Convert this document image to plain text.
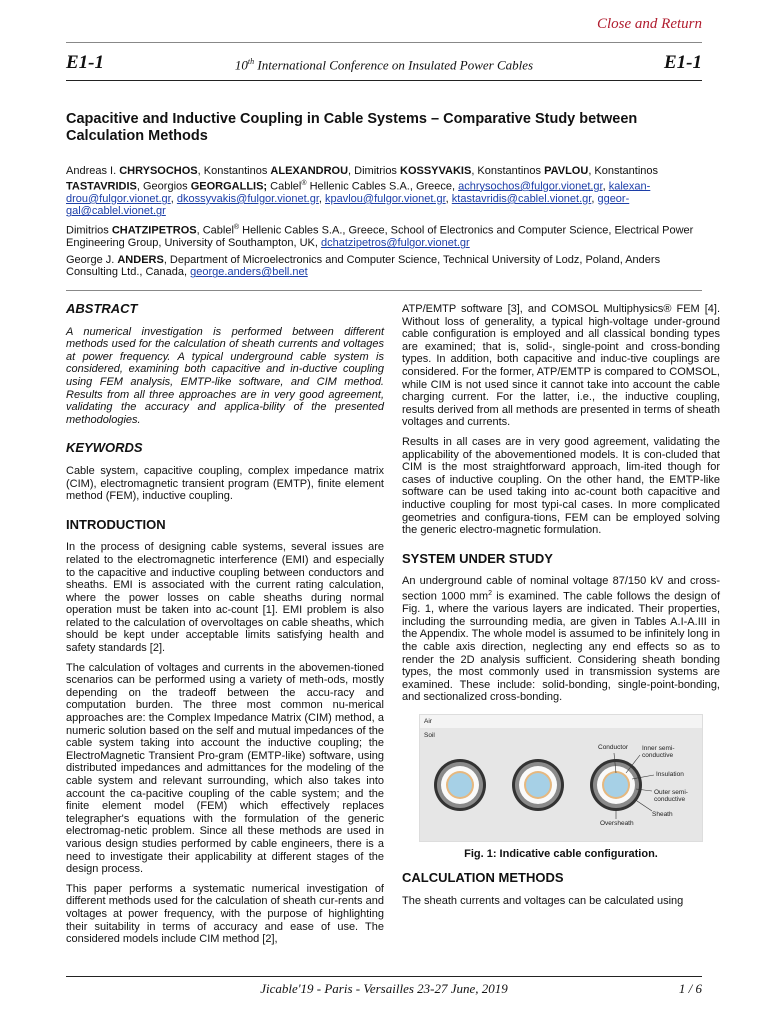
Close and Return
E1-1	10th International Conference on Insulated Power Cables	E1-1
Capacitive and Inductive Coupling in Cable Systems – Comparative Study between Calculation Methods

Andreas I. CHRYSOCHOS, Konstantinos ALEXANDROU, Dimitrios KOSSYVAKIS, Konstantinos PAVLOU, Konstantinos TASTAVRIDIS, Georgios GEORGALLIS; Cablel® Hellenic Cables S.A., Greece, achrysochos@fulgor.vionet.gr, kalexan-drou@fulgor.vionet.gr, dkossyvakis@fulgor.vionet.gr, kpavlou@fulgor.vionet.gr, ktastavridis@cablel.vionet.gr, ggeor-gal@cablel.vionet.gr

Dimitrios CHATZIPETROS, Cablel® Hellenic Cables S.A., Greece, School of Electronics and Computer Science, Electrical Power Engineering Group, University of Southampton, UK, dchatzipetros@fulgor.vionet.gr

George J. ANDERS, Department of Microelectronics and Computer Science, Technical University of Lodz, Poland, Anders Consulting Ltd., Canada, george.anders@bell.net

ABSTRACT

A numerical investigation is performed between different methods used for the calculation of sheath currents and voltages at power frequency. A typical underground cable system is considered, examining both capacitive and in-ductive coupling using FEM analysis, EMTP-like software, and CIM method. Results from all three approaches are in very good agreement, validating the accuracy and applica-bility of the presented methodologies.

KEYWORDS

Cable system, capacitive coupling, complex impedance matrix (CIM), electromagnetic transient program (EMTP), finite element method (FEM), inductive coupling.

INTRODUCTION

In the process of designing cable systems, several issues are related to the electromagnetic interference (EMI) and especially to the capacitive and inductive coupling between conductors and sheaths. EMI is associated with the current rating calculation, where the power losses on cable sheaths during normal operation must be taken into ac-count [1]. EMI problem is also related to the calculation of overvoltages on cable sheaths, which should be kept under acceptable limits satisfying health and safety standards [2].

The calculation of voltages and currents in the abovemen-tioned scenarios can be performed using a variety of meth-ods, mostly depending on the tradeoff between the accu-racy and computation burden. The three most common nu-merical approaches are: the Complex Impedance Matrix (CIM) method, a numeric solution based on the self and mutual impedances of the cable system taking into account the inductive coupling; the ElectroMagnetic Transient Pro-gram (EMTP-like) software, using distributed impedances and admittances for the modeling of the cable system and relevant surrounding, which also takes into account the ca-pacitive coupling of the cable system; and the finite element model (FEM) which effectively replaces telegrapher's equations with the formulation of the generic electromag-netic problem. Since all these methods are used in various design studies performed by cable engineers, there is a need to investigate their applicability at different stages of the design process.

This paper performs a systematic numerical investigation of different methods used for the calculation of sheath cur-rents and voltages at power frequency, with the purpose of highlighting their suitability in terms of accuracy and ease of use. The considered models include CIM method [2],

ATP/EMTP software [3], and COMSOL Multiphysics® FEM [4]. Without loss of generality, a typical high-voltage under-ground cable configuration is employed and all classical bonding types are examined; that is, solid-, single-point and cross-bonding types. In addition, both capacitive and induc-tive couplings are considered. For the former, ATP/EMTP is compared to COMSOL, while CIM is not used since it cannot take into account the cable charging current. For the latter, i.e., the inductive coupling, results derived from all methods are presented in terms of sheath voltages and currents.

Results in all cases are in very good agreement, validating the applicability of the abovementioned models. It is con-cluded that CIM is the most straightforward approach, lim-ited though for cases of inductive coupling. On the other hand, the EMTP-like software can be used taking into ac-count both capacitive and inductive coupling for most typi-cal cases. In more complicated geometries and configura-tions, FEM can be employed solving the generic electro-magnetic formulation.

SYSTEM UNDER STUDY

An underground cable of nominal voltage 87/150 kV and cross-section 1000 $mm^2$ is examined. The cable follows the design of Fig. 1, where the various layers are indicated. Their properties, including the surrounding media, are given in Tables A.I-A.III in the Appendix. The whole model is assumed to be infinitely long in the cable axis direction, neglecting any end effects so as to render the 2D analysis sufficient. Considering sheath bonding types, the most commonly used in transmission systems are examined. These include: solid-bonding, single-point-bonding, and sectionalized cross-bonding.

Air
Soil
Conductor Inner semi-
conductive
Insulation
Outer semi-
conductive
Sheath
Oversheath
Fig. 1: Indicative cable configuration.
CALCULATION METHODS

The sheath currents and voltages can be calculated using

Jicable'19 - Paris - Versailles 23-27 June, 2019	1 / 6
